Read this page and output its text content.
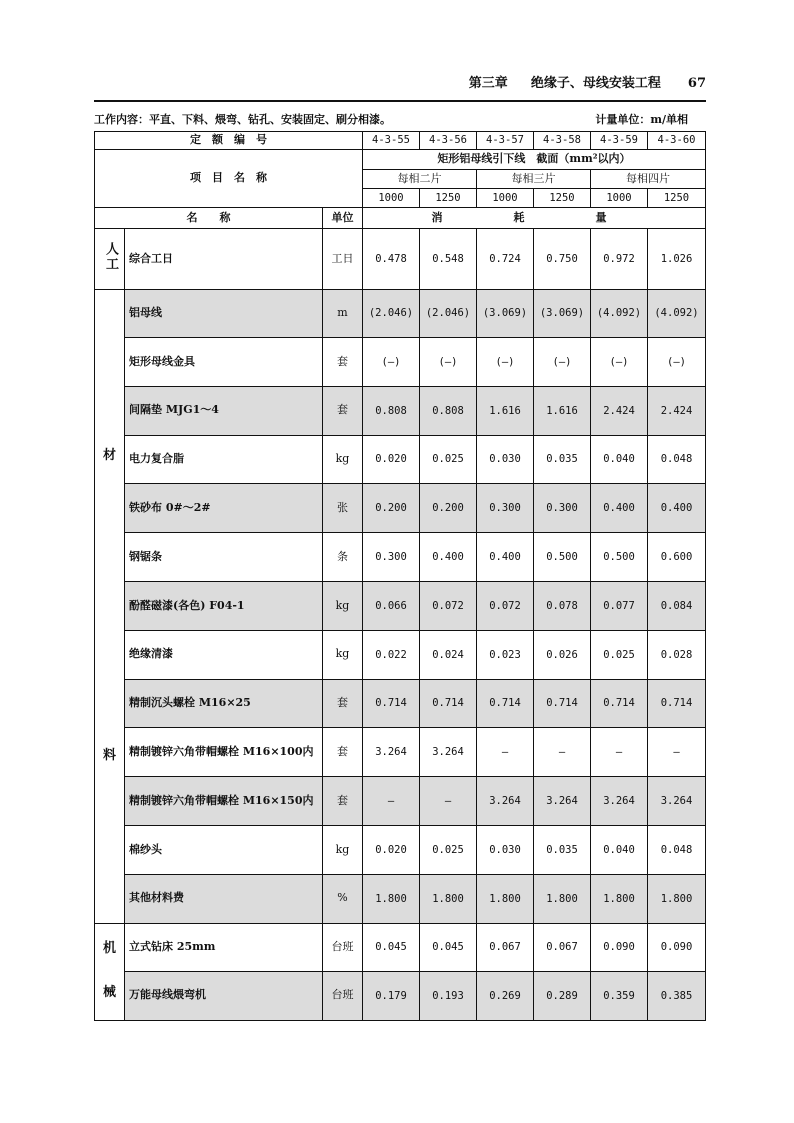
第三章 绝缘子、母线安装工程 67
工作内容：平直、下料、煨弯、钻孔、安装固定、刷分相漆。	计量单位：m/单相
定　额　编　号			4-3-55	4-3-56	4-3-57	4-3-58	4-3-59	4-3-60
项　目　名　称			矩形铝母线引下线　截面（mm²以内）					
			每相二片		每相三片		每相四片	
			1000	1250	1000	1250	1000	1250
名　　称		单位	消　耗　量					
人工	综合工日	工日	0.478	0.548	0.724	0.750	0.972	1.026

材
料	铝母线	m	(2.046)	(2.046)	(3.069)	(3.069)	(4.092)	(4.092)
	矩形母线金具	套	(—)	(—)	(—)	(—)	(—)	(—)
	间隔垫 MJG1～4	套	0.808	0.808	1.616	1.616	2.424	2.424
	电力复合脂	kg	0.020	0.025	0.030	0.035	0.040	0.048
	铁砂布 0#～2#	张	0.200	0.200	0.300	0.300	0.400	0.400
	钢锯条	条	0.300	0.400	0.400	0.500	0.500	0.600
	酚醛磁漆(各色) F04-1	kg	0.066	0.072	0.072	0.078	0.077	0.084
	绝缘清漆	kg	0.022	0.024	0.023	0.026	0.025	0.028
	精制沉头螺栓 M16×25	套	0.714	0.714	0.714	0.714	0.714	0.714
	精制镀锌六角带帽螺栓 M16×100内	套	3.264	3.264	—	—	—	—
	精制镀锌六角带帽螺栓 M16×150内	套	—	—	3.264	3.264	3.264	3.264
	棉纱头	kg	0.020	0.025	0.030	0.035	0.040	0.048
	其他材料费	%	1.800	1.800	1.800	1.800	1.800	1.800

机
械	立式钻床 25mm	台班	0.045	0.045	0.067	0.067	0.090	0.090
	万能母线煨弯机	台班	0.179	0.193	0.269	0.289	0.359	0.385
